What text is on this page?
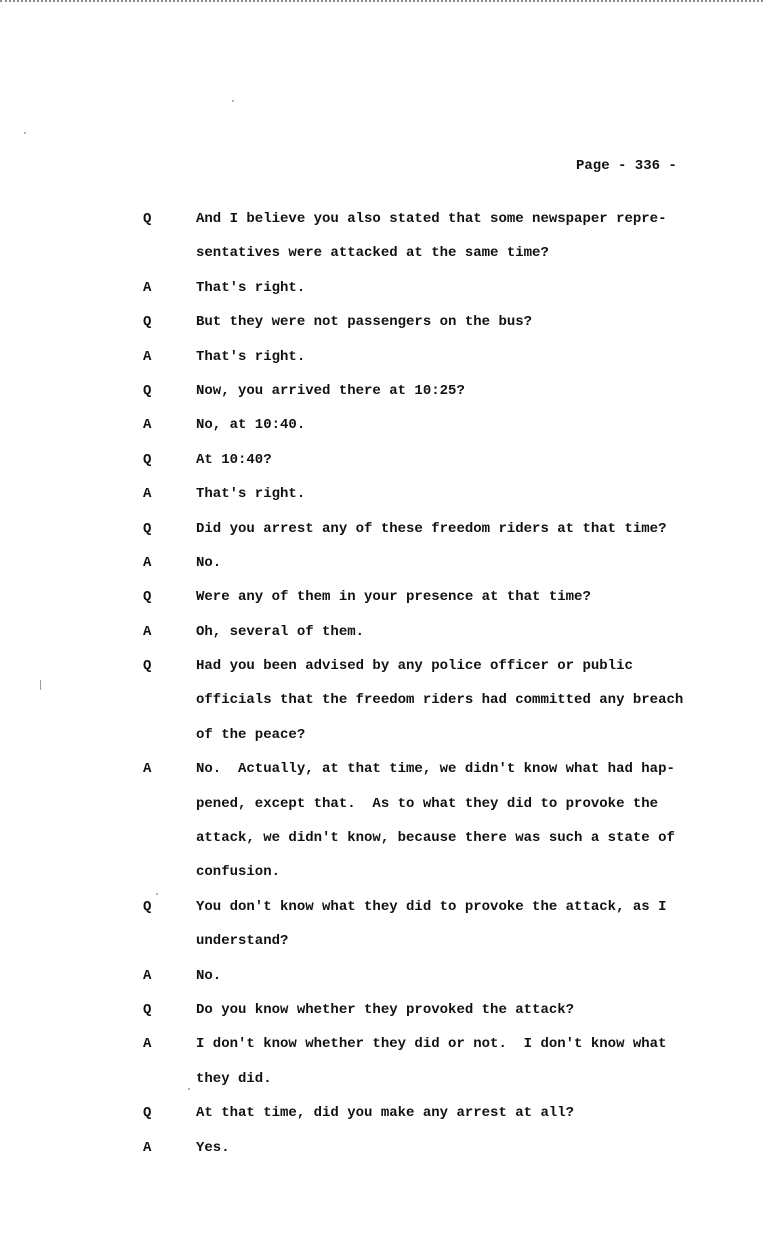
Page - 336 -
Q	And I believe you also stated that some newspaper repre-
sentatives were attacked at the same time?
A	That's right.
Q	But they were not passengers on the bus?
A	That's right.
Q	Now, you arrived there at 10:25?
A	No, at 10:40.
Q	At 10:40?
A	That's right.
Q	Did you arrest any of these freedom riders at that time?
A	No.
Q	Were any of them in your presence at that time?
A	Oh, several of them.
Q	Had you been advised by any police officer or public
officials that the freedom riders had committed any breach
of the peace?
A	No.  Actually, at that time, we didn't know what had hap-
pened, except that.  As to what they did to provoke the
attack, we didn't know, because there was such a state of
confusion.
Q	You don't know what they did to provoke the attack, as I
understand?
A	No.
Q	Do you know whether they provoked the attack?
A	I don't know whether they did or not.  I don't know what
they did.
Q	At that time, did you make any arrest at all?
A	Yes.
